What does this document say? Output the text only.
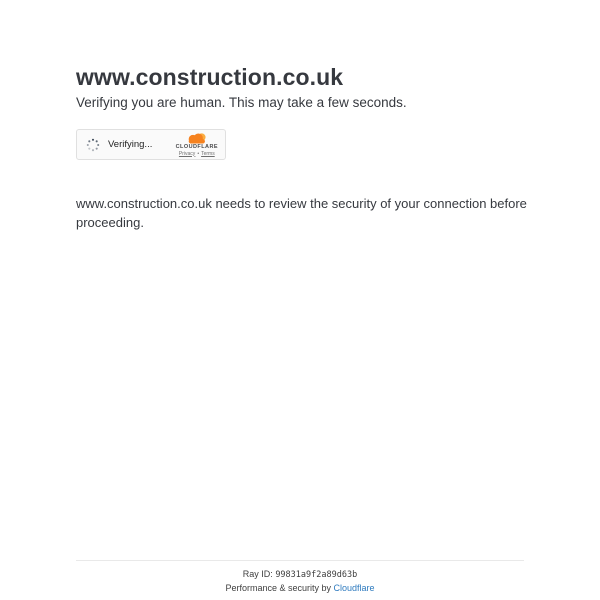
www.construction.co.uk

Verifying you are human. This may take a few seconds.

Verifying...	CLOUDFLARE
Privacy • Terms

www.construction.co.uk needs to review the security of your connection before proceeding.

Ray ID: 99831a9f2a89d63b
Performance & security by Cloudflare
